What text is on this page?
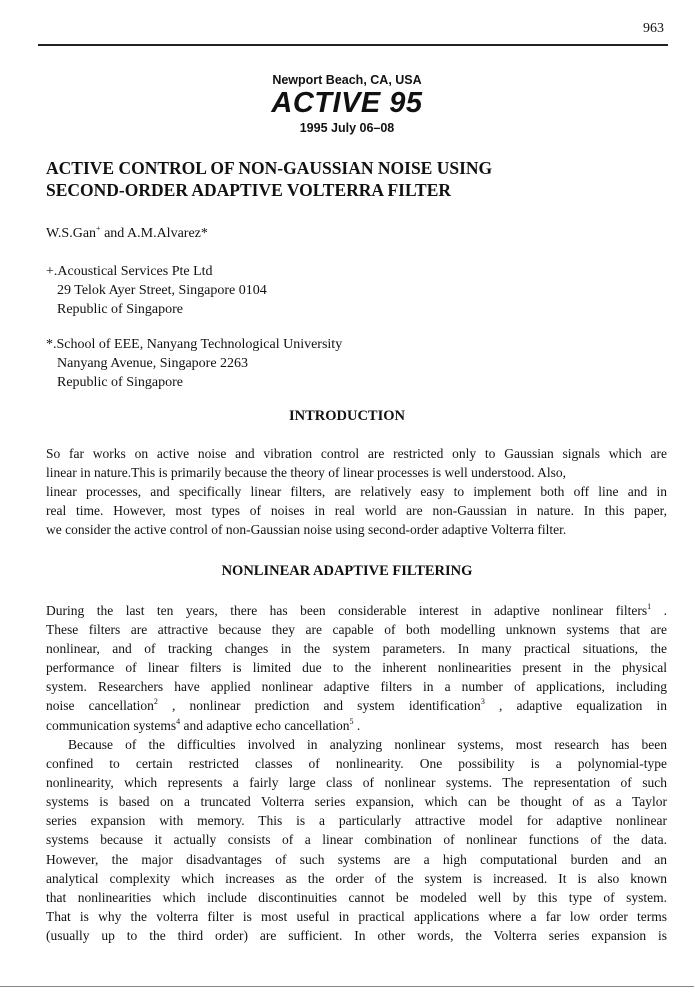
963
Newport Beach, CA, USA
ACTIVE 95
1995 July 06–08
ACTIVE CONTROL OF NON-GAUSSIAN NOISE USING
SECOND-ORDER ADAPTIVE VOLTERRA FILTER
W.S.Gan+ and A.M.Alvarez*
+.Acoustical Services Pte Ltd
29 Telok Ayer Street, Singapore 0104
Republic of Singapore
*.School of EEE, Nanyang Technological University
Nanyang Avenue, Singapore 2263
Republic of Singapore
INTRODUCTION
So far works on active noise and vibration control are restricted only to Gaussian signals which are
linear in nature.This is primarily because the theory of linear processes is well understood. Also,
linear processes, and specifically linear filters, are relatively easy to implement both off line and in
real time. However, most types of noises in real world are non-Gaussian in nature. In this paper,
we consider the active control of non-Gaussian noise using second-order adaptive Volterra filter.
NONLINEAR ADAPTIVE FILTERING
During the last ten years, there has been considerable interest in adaptive nonlinear filters$^1$ .
These filters are attractive because they are capable of both modelling unknown systems that are
nonlinear, and of tracking changes in the system parameters. In many practical situations, the
performance of linear filters is limited due to the inherent nonlinearities present in the physical
system. Researchers have applied nonlinear adaptive filters in a number of applications, including
noise cancellation$^2$ , nonlinear prediction and system identification$^3$ , adaptive equalization in
communication systems$^4$ and adaptive echo cancellation$^5$ .
Because of the difficulties involved in analyzing nonlinear systems, most research has been
confined to certain restricted classes of nonlinearity. One possibility is a polynomial-type
nonlinearity, which represents a fairly large class of nonlinear systems. The representation of such
systems is based on a truncated Volterra series expansion, which can be thought of as a Taylor
series expansion with memory. This is a particularly attractive model for adaptive nonlinear
systems because it actually consists of a linear combination of nonlinear functions of the data.
However, the major disadvantages of such systems are a high computational burden and an
analytical complexity which increases as the order of the system is increased. It is also known
that nonlinearities which include discontinuities cannot be modeled well by this type of system.
That is why the volterra filter is most useful in practical applications where a far low order terms
(usually up to the third order) are sufficient. In other words, the Volterra series expansion is
